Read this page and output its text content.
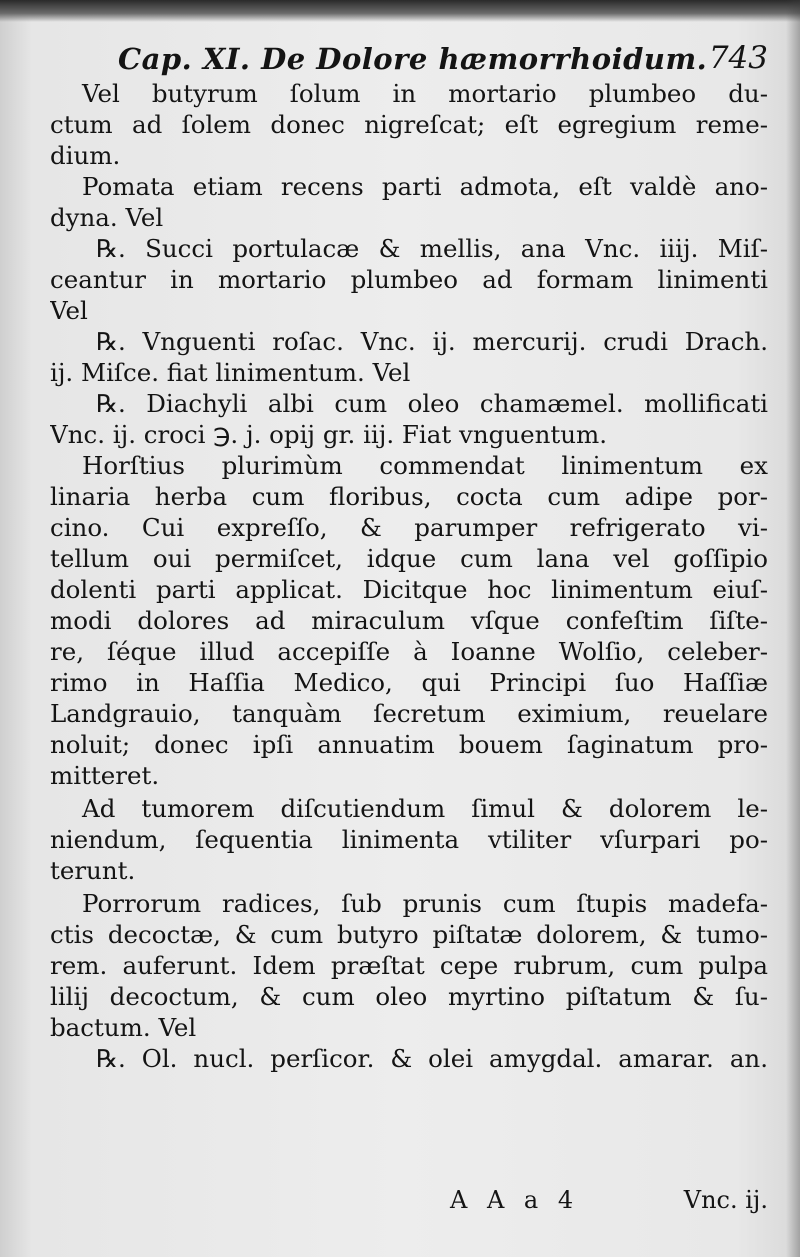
Cap. XI. De Dolore hæmorrhoidum. 743
Vel butyrum ſolum in mortario plumbeo du-
ctum ad ſolem donec nigreſcat; eſt egregium reme-
dium.
Pomata etiam recens parti admota, eſt valdè ano-
dyna. Vel
℞. Succi portulacæ & mellis, ana Vnc. iiij. Miſ-
ceantur in mortario plumbeo ad formam linimenti
Vel
℞. Vnguenti roſac. Vnc. ij. mercurij. crudi Drach.
ij. Miſce. fiat linimentum. Vel
℞. Diachyli albi cum oleo chamæmel. mollificati
Vnc. ij. croci ℈. j. opij gr. iij. Fiat vnguentum.
Horſtius plurimùm commendat linimentum ex
linaria herba cum floribus, cocta cum adipe por-
cino. Cui expreſſo, & parumper refrigerato vi-
tellum oui permiſcet, idque cum lana vel goſſipio
dolenti parti applicat. Dicitque hoc linimentum eiuſ-
modi dolores ad miraculum vſque confeſtim ſiſte-
re, ſéque illud accepiſſe à Ioanne Wolſio, celeber-
rimo in Haſſia Medico, qui Principi ſuo Haſſiæ
Landgrauio, tanquàm ſecretum eximium, reuelare
noluit; donec ipſi annuatim bouem ſaginatum pro-
mitteret.
Ad tumorem diſcutiendum ſimul & dolorem le-
niendum, ſequentia linimenta vtiliter vſurpari po-
terunt.
Porrorum radices, ſub prunis cum ſtupis madefa-
ctis decoctæ, & cum butyro piſtatæ dolorem, & tumo-
rem. auferunt. Idem præſtat cepe rubrum, cum pulpa
lilij decoctum, & cum oleo myrtino piſtatum & ſu-
bactum. Vel
℞. Ol. nucl. perſicor. & olei amygdal. amarar. an.
A A a 4	Vnc. ij.
